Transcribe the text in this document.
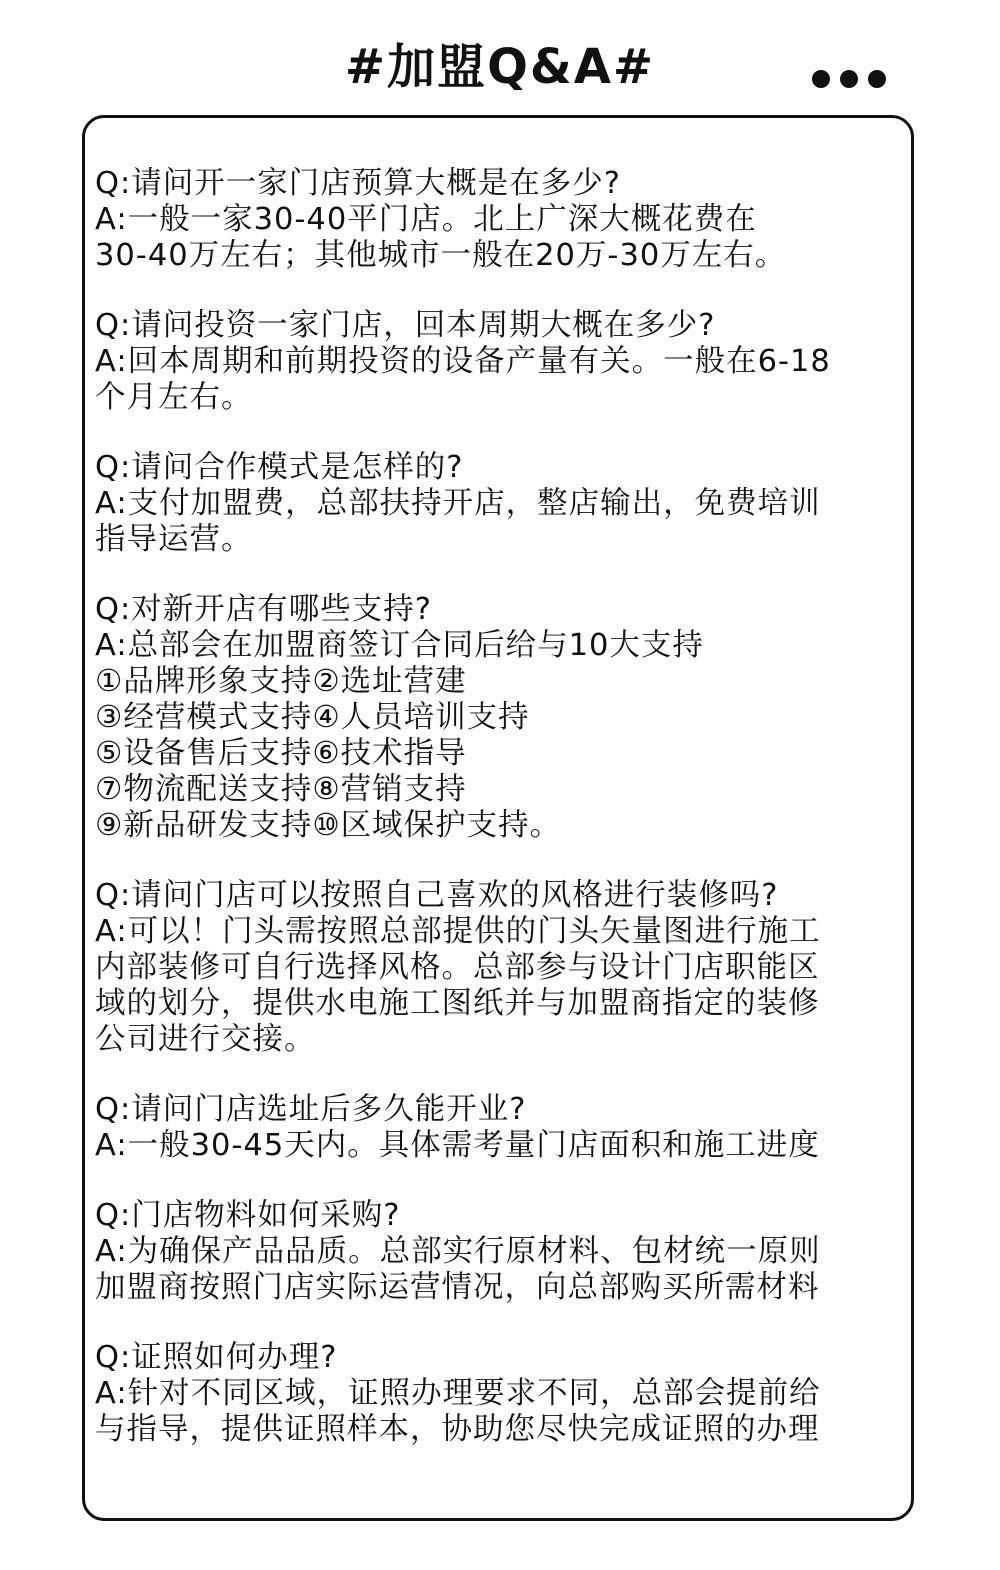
#加盟Q&A#
Q:请问开一家门店预算大概是在多少?
A:一般一家30-40平门店。北上广深大概花费在
30-40万左右；其他城市一般在20万-30万左右。
Q:请问投资一家门店，回本周期大概在多少?
A:回本周期和前期投资的设备产量有关。一般在6-18
个月左右。
Q:请问合作模式是怎样的?
A:支付加盟费，总部扶持开店，整店输出，免费培训
指导运营。
Q:对新开店有哪些支持?
A:总部会在加盟商签订合同后给与10大支持
①品牌形象支持②选址营建
③经营模式支持④人员培训支持
⑤设备售后支持⑥技术指导
⑦物流配送支持⑧营销支持
⑨新品研发支持⑩区域保护支持。
Q:请问门店可以按照自己喜欢的风格进行装修吗?
A:可以！门头需按照总部提供的门头矢量图进行施工
内部装修可自行选择风格。总部参与设计门店职能区
域的划分，提供水电施工图纸并与加盟商指定的装修
公司进行交接。
Q:请问门店选址后多久能开业?
A:一般30-45天内。具体需考量门店面积和施工进度
Q:门店物料如何采购?
A:为确保产品品质。总部实行原材料、包材统一原则
加盟商按照门店实际运营情况，向总部购买所需材料
Q:证照如何办理?
A:针对不同区域，证照办理要求不同，总部会提前给
与指导，提供证照样本，协助您尽快完成证照的办理
